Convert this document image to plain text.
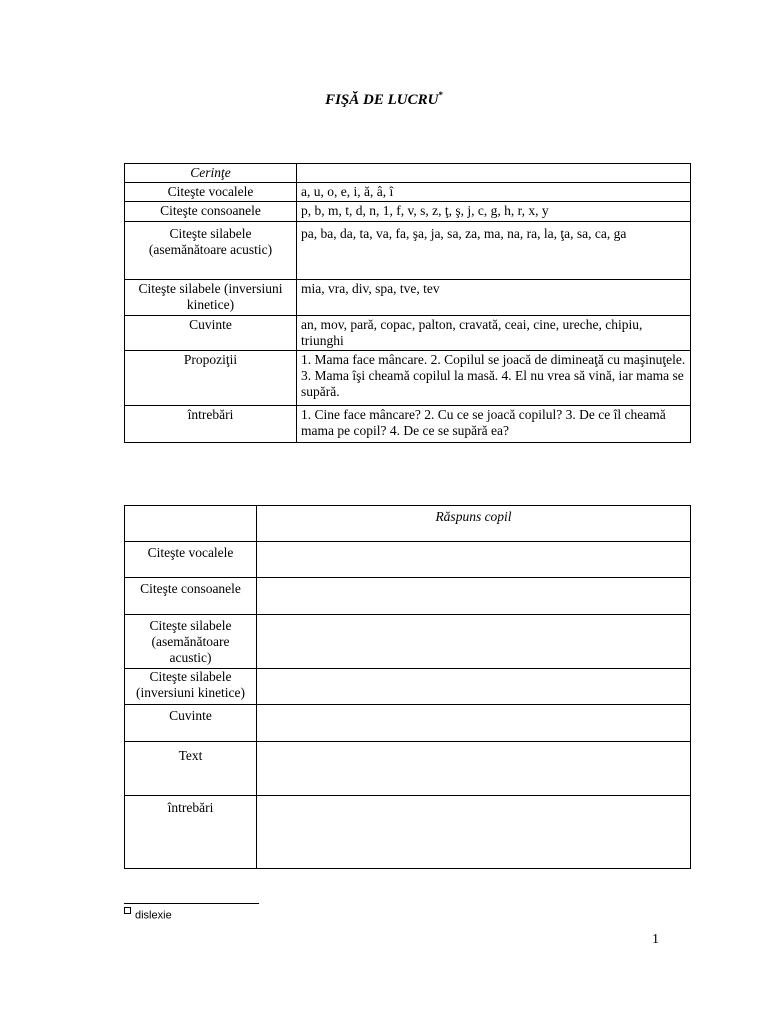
FIŞĂ DE LUCRU*
Cerinţe	
Citeşte vocalele	a, u, o, e, i, ă, â, î
Citeşte consoanele	p, b, m, t, d, n, 1, f, v, s, z, ţ, ş, j, c, g, h, r, x, y
Citeşte silabele (asemănătoare acustic)	pa, ba, da, ta, va, fa, şa, ja, sa, za, ma, na, ra, la, ţa, sa, ca, ga
Citeşte silabele (inversiuni kinetice)	mia, vra, div, spa, tve, tev
Cuvinte	an, mov, pară, copac, palton, cravată, ceai, cine, ureche, chipiu, triunghi
Propoziţii	1. Mama face mâncare. 2. Copilul se joacă de dimineaţă cu maşinuţele. 3. Mama îşi cheamă copilul la masă. 4. El nu vrea să vină, iar mama se supără.
întrebări	1. Cine face mâncare? 2. Cu ce se joacă copilul? 3. De ce îl cheamă mama pe copil? 4. De ce se supără ea?
	Răspuns copil
Citeşte vocalele	
Citeşte consoanele	
Citeşte silabele (asemănătoare acustic)	
Citeşte silabele (inversiuni kinetice)	
Cuvinte	
Text	
întrebări	
dislexie
1
